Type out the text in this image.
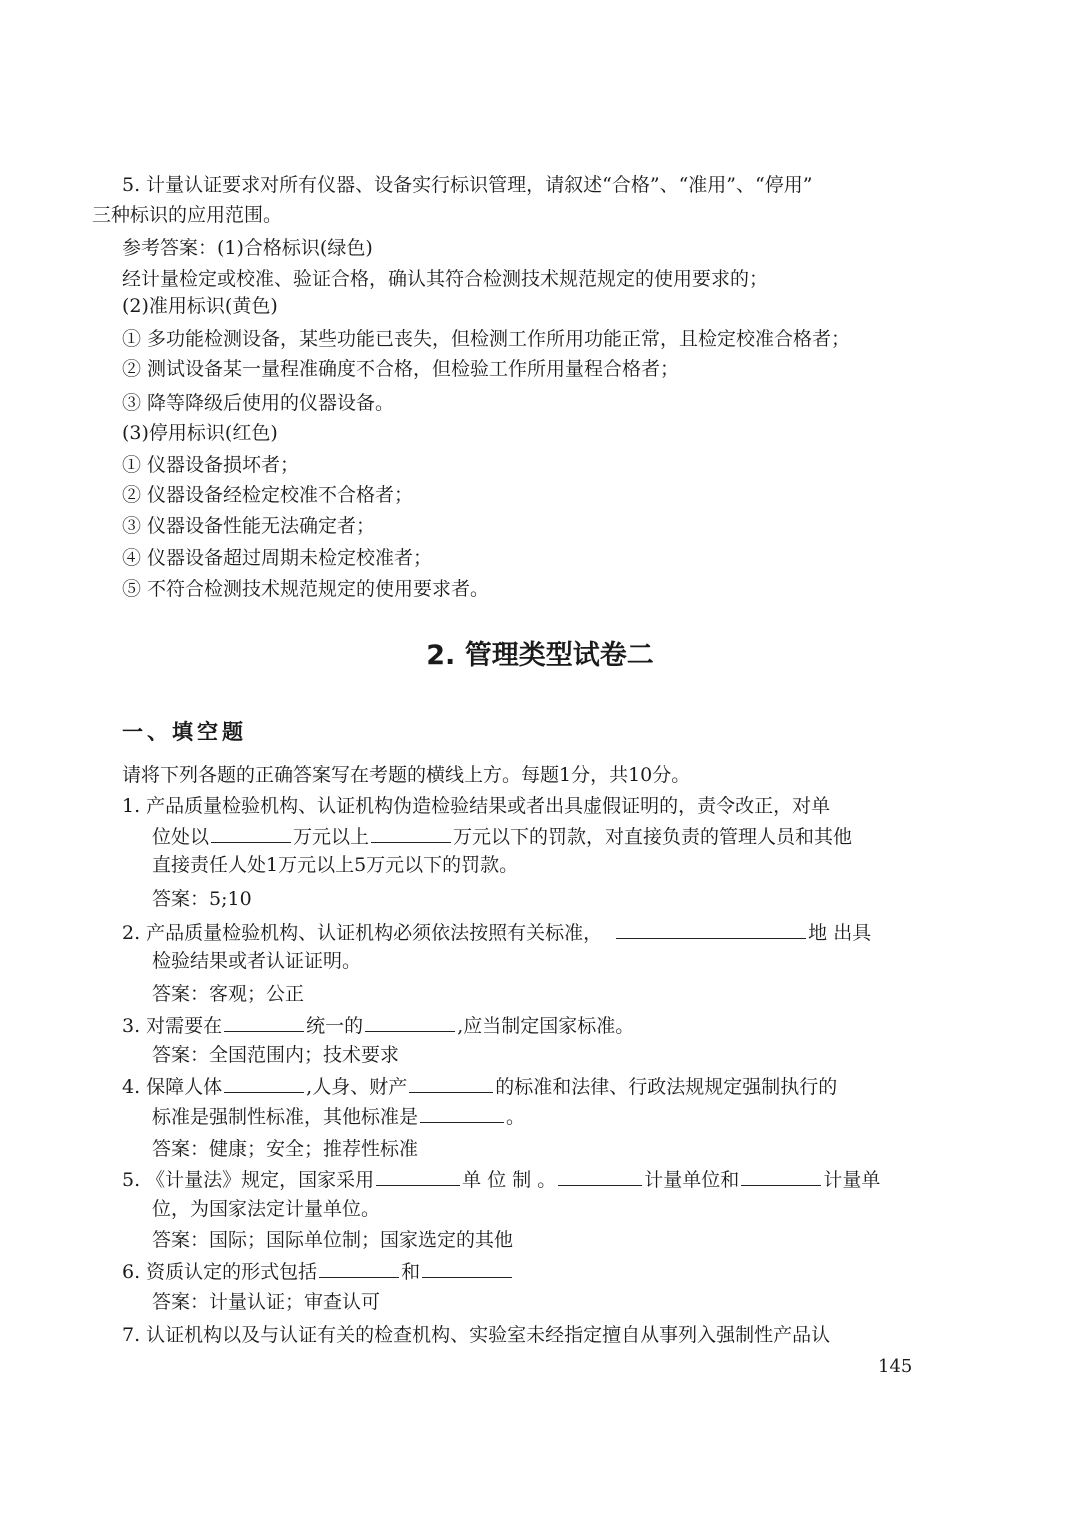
5. 计量认证要求对所有仪器、设备实行标识管理，请叙述“合格”、“准用”、“停用”
三种标识的应用范围。
参考答案：(1)合格标识(绿色)
经计量检定或校准、验证合格，确认其符合检测技术规范规定的使用要求的；
(2)准用标识(黄色)
① 多功能检测设备，某些功能已丧失，但检测工作所用功能正常，且检定校准合格者；
② 测试设备某一量程准确度不合格，但检验工作所用量程合格者；
③ 降等降级后使用的仪器设备。
(3)停用标识(红色)
① 仪器设备损坏者；
② 仪器设备经检定校准不合格者；
③ 仪器设备性能无法确定者；
④ 仪器设备超过周期未检定校准者；
⑤ 不符合检测技术规范规定的使用要求者。
2. 管理类型试卷二
一、填空题
请将下列各题的正确答案写在考题的横线上方。每题1分，共10分。
1. 产品质量检验机构、认证机构伪造检验结果或者出具虚假证明的，责令改正，对单
位处以	万元以上	万元以下的罚款，对直接负责的管理人员和其他
直接责任人处1万元以上5万元以下的罚款。
答案：5;10
2. 产品质量检验机构、认证机构必须依法按照有关标准，	地 出具
检验结果或者认证证明。
答案：客观；公正
3. 对需要在	统一的	,应当制定国家标准。
答案：全国范围内；技术要求
4. 保障人体	,人身、财产	的标准和法律、行政法规规定强制执行的
标准是强制性标准，其他标准是	。
答案：健康；安全；推荐性标准
5. 《计量法》规定，国家采用	单 位 制 。	计量单位和	计量单
位，为国家法定计量单位。
答案：国际；国际单位制；国家选定的其他
6. 资质认定的形式包括	和
答案：计量认证；审查认可
7. 认证机构以及与认证有关的检查机构、实验室未经指定擅自从事列入强制性产品认
145
